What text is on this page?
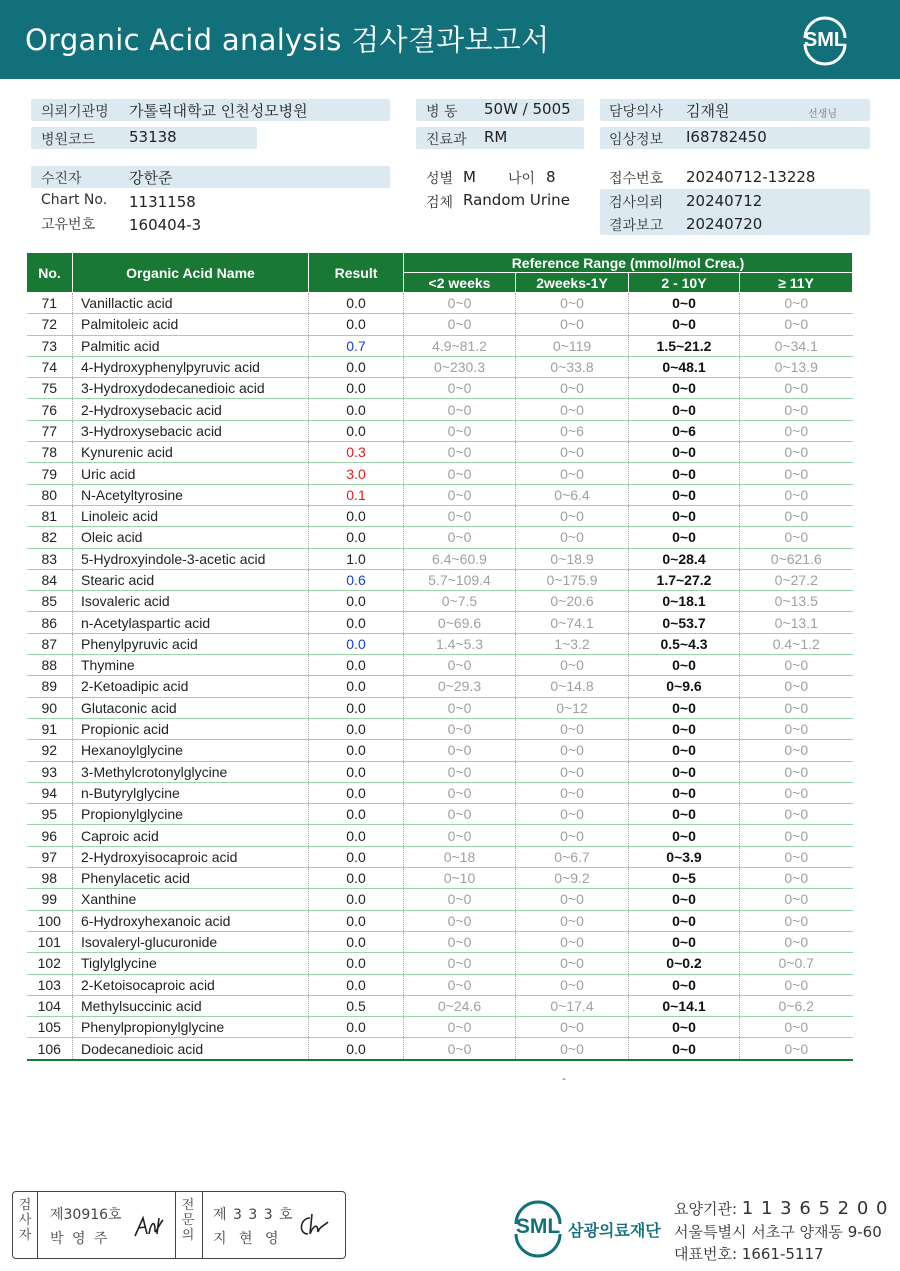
Organic Acid analysis 검사결과보고서	SML
의뢰기관명 가톨릭대학교 인천성모병원
병원코드 53138
병 동 50W / 5005
진료과 RM
담당의사 김재원	선생님
임상정보 I68782450
수진자	강한준
Chart No. 1131158
고유번호 160404-3
성별 M 나이 8
검체 Random Urine
접수번호 20240712-13228
검사의뢰 20240712
결과보고 20240720
No.	Organic Acid Name	Result	Reference Range (mmol/mol Crea.)			
			<2 weeks	2weeks-1Y	2 - 10Y	≥ 11Y
71	Vanillactic acid	0.0	0~0	0~0	0~0	0~0
72	Palmitoleic acid	0.0	0~0	0~0	0~0	0~0
73	Palmitic acid	0.7	4.9~81.2	0~119	1.5~21.2	0~34.1
74	4-Hydroxyphenylpyruvic acid	0.0	0~230.3	0~33.8	0~48.1	0~13.9
75	3-Hydroxydodecanedioic acid	0.0	0~0	0~0	0~0	0~0
76	2-Hydroxysebacic acid	0.0	0~0	0~0	0~0	0~0
77	3-Hydroxysebacic acid	0.0	0~0	0~6	0~6	0~0
78	Kynurenic acid	0.3	0~0	0~0	0~0	0~0
79	Uric acid	3.0	0~0	0~0	0~0	0~0
80	N-Acetyltyrosine	0.1	0~0	0~6.4	0~0	0~0
81	Linoleic acid	0.0	0~0	0~0	0~0	0~0
82	Oleic acid	0.0	0~0	0~0	0~0	0~0
83	5-Hydroxyindole-3-acetic acid	1.0	6.4~60.9	0~18.9	0~28.4	0~621.6
84	Stearic acid	0.6	5.7~109.4	0~175.9	1.7~27.2	0~27.2
85	Isovaleric acid	0.0	0~7.5	0~20.6	0~18.1	0~13.5
86	n-Acetylaspartic acid	0.0	0~69.6	0~74.1	0~53.7	0~13.1
87	Phenylpyruvic acid	0.0	1.4~5.3	1~3.2	0.5~4.3	0.4~1.2
88	Thymine	0.0	0~0	0~0	0~0	0~0
89	2-Ketoadipic acid	0.0	0~29.3	0~14.8	0~9.6	0~0
90	Glutaconic acid	0.0	0~0	0~12	0~0	0~0
91	Propionic acid	0.0	0~0	0~0	0~0	0~0
92	Hexanoylglycine	0.0	0~0	0~0	0~0	0~0
93	3-Methylcrotonylglycine	0.0	0~0	0~0	0~0	0~0
94	n-Butyrylglycine	0.0	0~0	0~0	0~0	0~0
95	Propionylglycine	0.0	0~0	0~0	0~0	0~0
96	Caproic acid	0.0	0~0	0~0	0~0	0~0
97	2-Hydroxyisocaproic acid	0.0	0~18	0~6.7	0~3.9	0~0
98	Phenylacetic acid	0.0	0~10	0~9.2	0~5	0~0
99	Xanthine	0.0	0~0	0~0	0~0	0~0
100	6-Hydroxyhexanoic acid	0.0	0~0	0~0	0~0	0~0
101	Isovaleryl-glucuronide	0.0	0~0	0~0	0~0	0~0
102	Tiglylglycine	0.0	0~0	0~0	0~0.2	0~0.7
103	2-Ketoisocaproic acid	0.0	0~0	0~0	0~0	0~0
104	Methylsuccinic acid	0.5	0~24.6	0~17.4	0~14.1	0~6.2
105	Phenylpropionylglycine	0.0	0~0	0~0	0~0	0~0
106	Dodecanedioic acid	0.0	0~0	0~0	0~0	0~0
-
검
사
자
제30916호
박 영 주
전
문
의
제 3 3 3 호
지 현 영
SML 삼광의료재단
요양기관: 1 1 3 6 5 2 0 0
서울특별시 서초구 양재동 9-60
대표번호: 1661-5117
